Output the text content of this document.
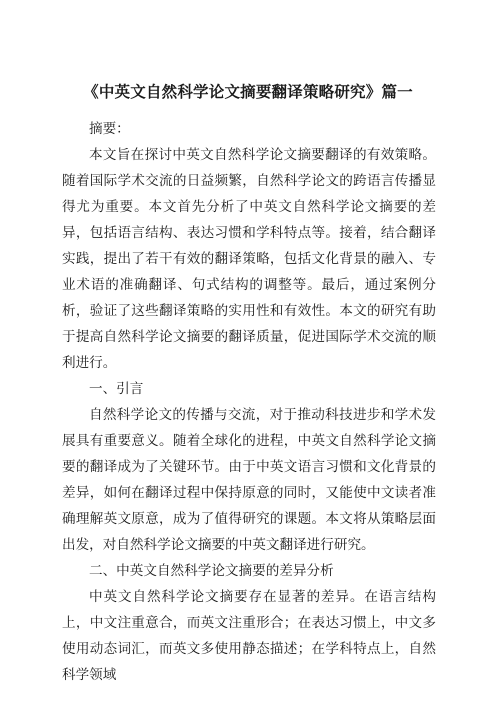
《中英文自然科学论文摘要翻译策略研究》篇一

摘要：

本文旨在探讨中英文自然科学论文摘要翻译的有效策略。随着国际学术交流的日益频繁，自然科学论文的跨语言传播显得尤为重要。本文首先分析了中英文自然科学论文摘要的差异，包括语言结构、表达习惯和学科特点等。接着，结合翻译实践，提出了若干有效的翻译策略，包括文化背景的融入、专业术语的准确翻译、句式结构的调整等。最后，通过案例分析，验证了这些翻译策略的实用性和有效性。本文的研究有助于提高自然科学论文摘要的翻译质量，促进国际学术交流的顺利进行。

一、引言

自然科学论文的传播与交流，对于推动科技进步和学术发展具有重要意义。随着全球化的进程，中英文自然科学论文摘要的翻译成为了关键环节。由于中英文语言习惯和文化背景的差异，如何在翻译过程中保持原意的同时，又能使中文读者准确理解英文原意，成为了值得研究的课题。本文将从策略层面出发，对自然科学论文摘要的中英文翻译进行研究。

二、中英文自然科学论文摘要的差异分析

中英文自然科学论文摘要存在显著的差异。在语言结构上，中文注重意合，而英文注重形合；在表达习惯上，中文多使用动态词汇，而英文多使用静态描述；在学科特点上，自然科学领域
